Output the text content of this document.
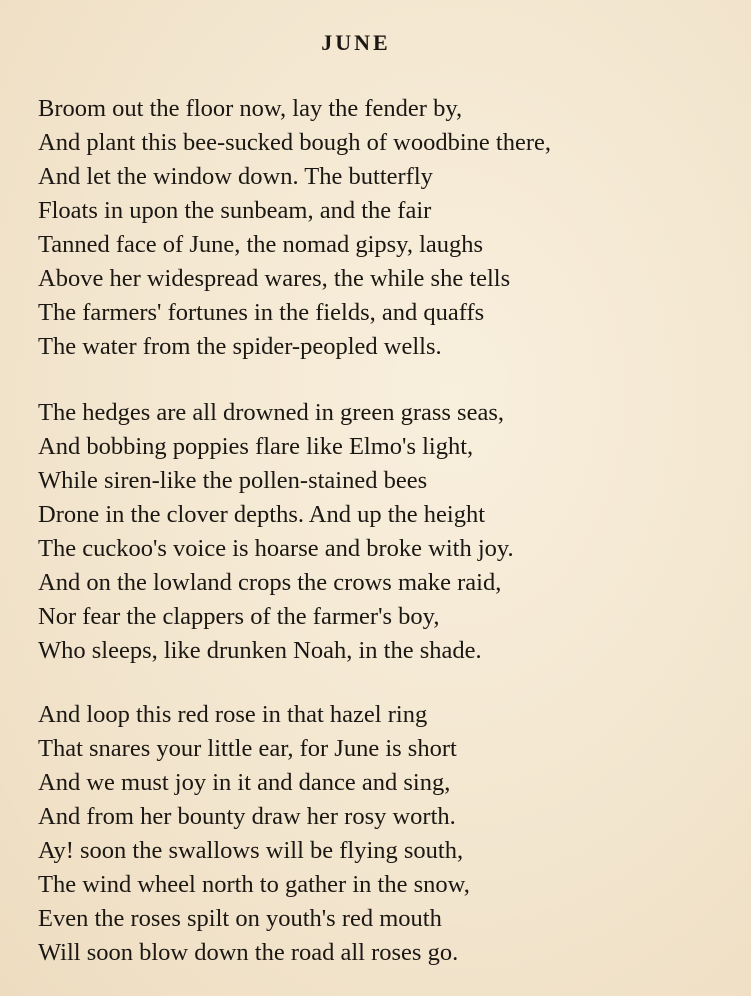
JUNE
Broom out the floor now, lay the fender by,
And plant this bee-sucked bough of woodbine there,
And let the window down. The butterfly
Floats in upon the sunbeam, and the fair
Tanned face of June, the nomad gipsy, laughs
Above her widespread wares, the while she tells
The farmers' fortunes in the fields, and quaffs
The water from the spider-peopled wells.
The hedges are all drowned in green grass seas,
And bobbing poppies flare like Elmo's light,
While siren-like the pollen-stained bees
Drone in the clover depths. And up the height
The cuckoo's voice is hoarse and broke with joy.
And on the lowland crops the crows make raid,
Nor fear the clappers of the farmer's boy,
Who sleeps, like drunken Noah, in the shade.
And loop this red rose in that hazel ring
That snares your little ear, for June is short
And we must joy in it and dance and sing,
And from her bounty draw her rosy worth.
Ay! soon the swallows will be flying south,
The wind wheel north to gather in the snow,
Even the roses spilt on youth's red mouth
Will soon blow down the road all roses go.
